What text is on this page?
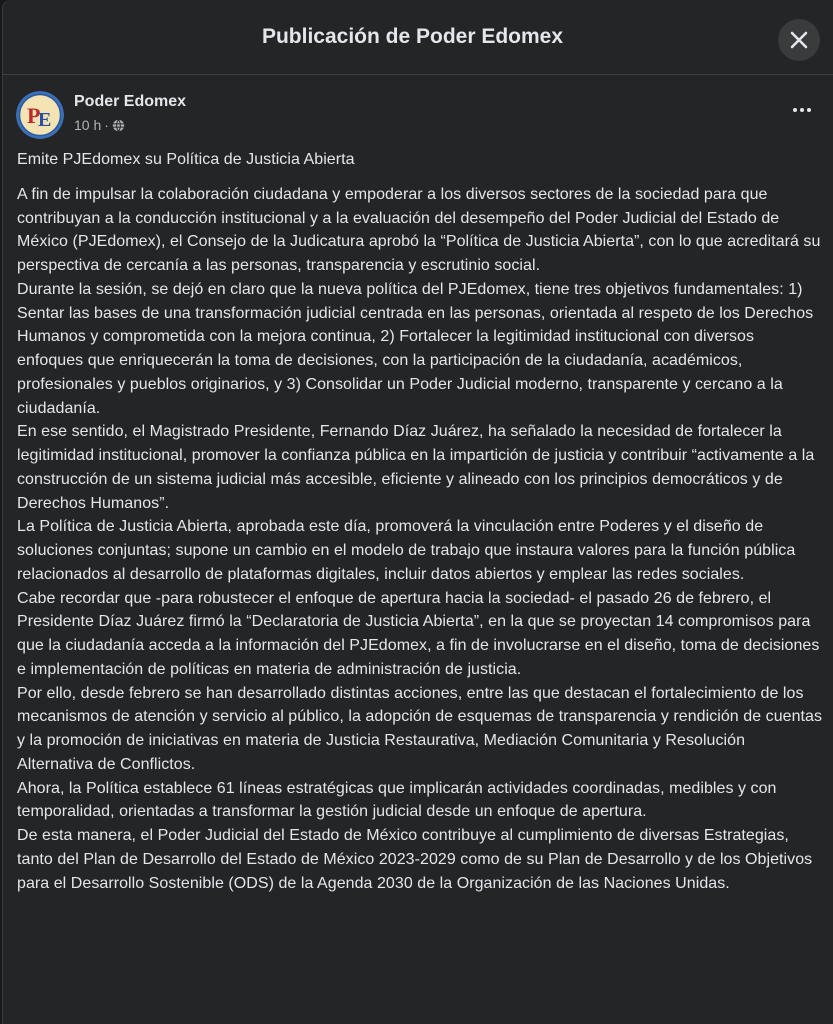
Publicación de Poder Edomex
P
E
Poder Edomex
10 h ·

Emite PJEdomex su Política de Justicia Abierta

A fin de impulsar la colaboración ciudadana y empoderar a los diversos sectores de la sociedad para que contribuyan a la conducción institucional y a la evaluación del desempeño del Poder Judicial del Estado de México (PJEdomex), el Consejo de la Judicatura aprobó la “Política de Justicia Abierta”, con lo que acreditará su perspectiva de cercanía a las personas, transparencia y escrutinio social.

Durante la sesión, se dejó en claro que la nueva política del PJEdomex, tiene tres objetivos fundamentales: 1) Sentar las bases de una transformación judicial centrada en las personas, orientada al respeto de los Derechos Humanos y comprometida con la mejora continua, 2) Fortalecer la legitimidad institucional con diversos enfoques que enriquecerán la toma de decisiones, con la participación de la ciudadanía, académicos, profesionales y pueblos originarios, y 3) Consolidar un Poder Judicial moderno, transparente y cercano a la ciudadanía.

En ese sentido, el Magistrado Presidente, Fernando Díaz Juárez, ha señalado la necesidad de fortalecer la legitimidad institucional, promover la confianza pública en la impartición de justicia y contribuir “activamente a la construcción de un sistema judicial más accesible, eficiente y alineado con los principios democráticos y de Derechos Humanos”.

La Política de Justicia Abierta, aprobada este día, promoverá la vinculación entre Poderes y el diseño de soluciones conjuntas; supone un cambio en el modelo de trabajo que instaura valores para la función pública relacionados al desarrollo de plataformas digitales, incluir datos abiertos y emplear las redes sociales.

Cabe recordar que -para robustecer el enfoque de apertura hacia la sociedad- el pasado 26 de febrero, el Presidente Díaz Juárez firmó la “Declaratoria de Justicia Abierta”, en la que se proyectan 14 compromisos para que la ciudadanía acceda a la información del PJEdomex, a fin de involucrarse en el diseño, toma de decisiones e implementación de políticas en materia de administración de justicia.

Por ello, desde febrero se han desarrollado distintas acciones, entre las que destacan el fortalecimiento de los mecanismos de atención y servicio al público, la adopción de esquemas de transparencia y rendición de cuentas y la promoción de iniciativas en materia de Justicia Restaurativa, Mediación Comunitaria y Resolución Alternativa de Conflictos.

Ahora, la Política establece 61 líneas estratégicas que implicarán actividades coordinadas, medibles y con temporalidad, orientadas a transformar la gestión judicial desde un enfoque de apertura.

De esta manera, el Poder Judicial del Estado de México contribuye al cumplimiento de diversas Estrategias, tanto del Plan de Desarrollo del Estado de México 2023-2029 como de su Plan de Desarrollo y de los Objetivos para el Desarrollo Sostenible (ODS) de la Agenda 2030 de la Organización de las Naciones Unidas.
